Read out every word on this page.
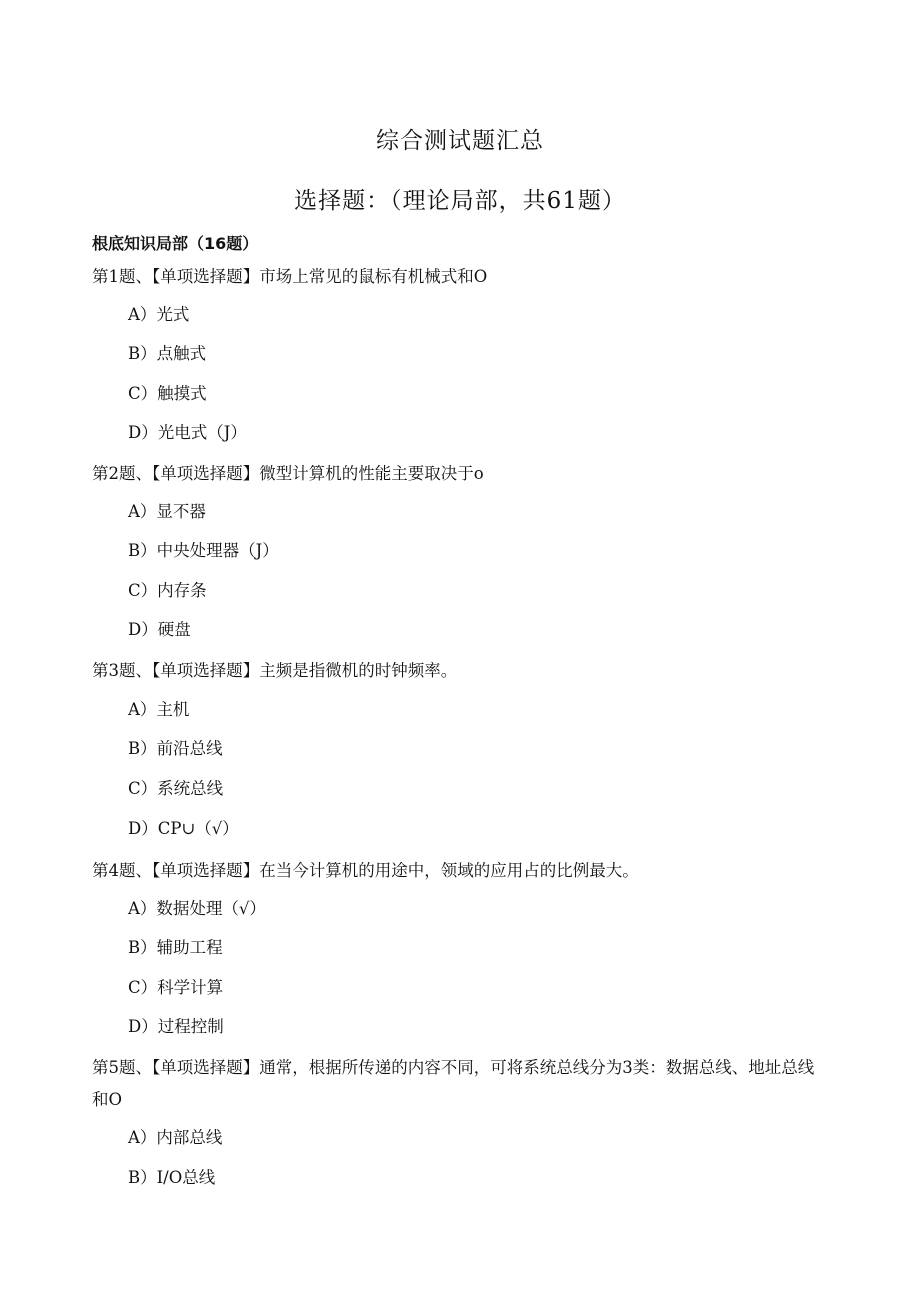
综合测试题汇总
选择题：（理论局部，共61题）
根底知识局部（16题）
第1题、【单项选择题】市场上常见的鼠标有机械式和O
A）光式
B）点触式
C）触摸式
D）光电式（J）
第2题、【单项选择题】微型计算机的性能主要取决于o
A）显不器
B）中央处理器（J）
C）内存条
D）硬盘
第3题、【单项选择题】主频是指微机的时钟频率。
A）主机
B）前沿总线
C）系统总线
D）CP∪（√）
第4题、【单项选择题】在当今计算机的用途中，领域的应用占的比例最大。
A）数据处理（√）
B）辅助工程
C）科学计算
D）过程控制
第5题、【单项选择题】通常，根据所传递的内容不同，可将系统总线分为3类：数据总线、地址总线和O
A）内部总线
B）I/O总线
